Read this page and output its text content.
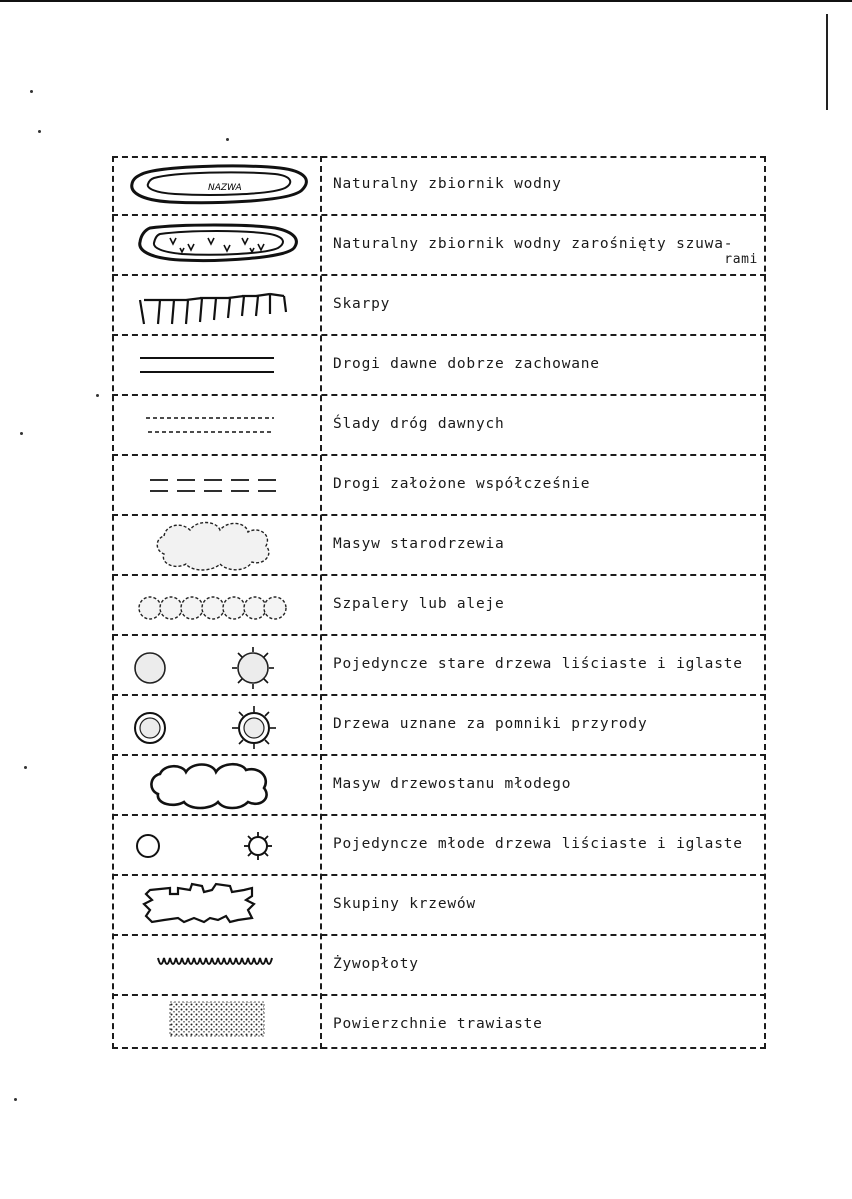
NAZWA	Naturalny zbiornik wodny
Naturalny zbiornik wodny zarośnięty szuwa-
rami
Skarpy
Drogi dawne dobrze zachowane
Ślady dróg dawnych
Drogi założone współcześnie
Masyw starodrzewia
Szpalery lub aleje
Pojedyncze stare drzewa liściaste i iglaste
Drzewa uznane za pomniki przyrody
Masyw drzewostanu młodego
Pojedyncze młode drzewa liściaste i iglaste
Skupiny krzewów
Żywopłoty
Powierzchnie trawiaste
